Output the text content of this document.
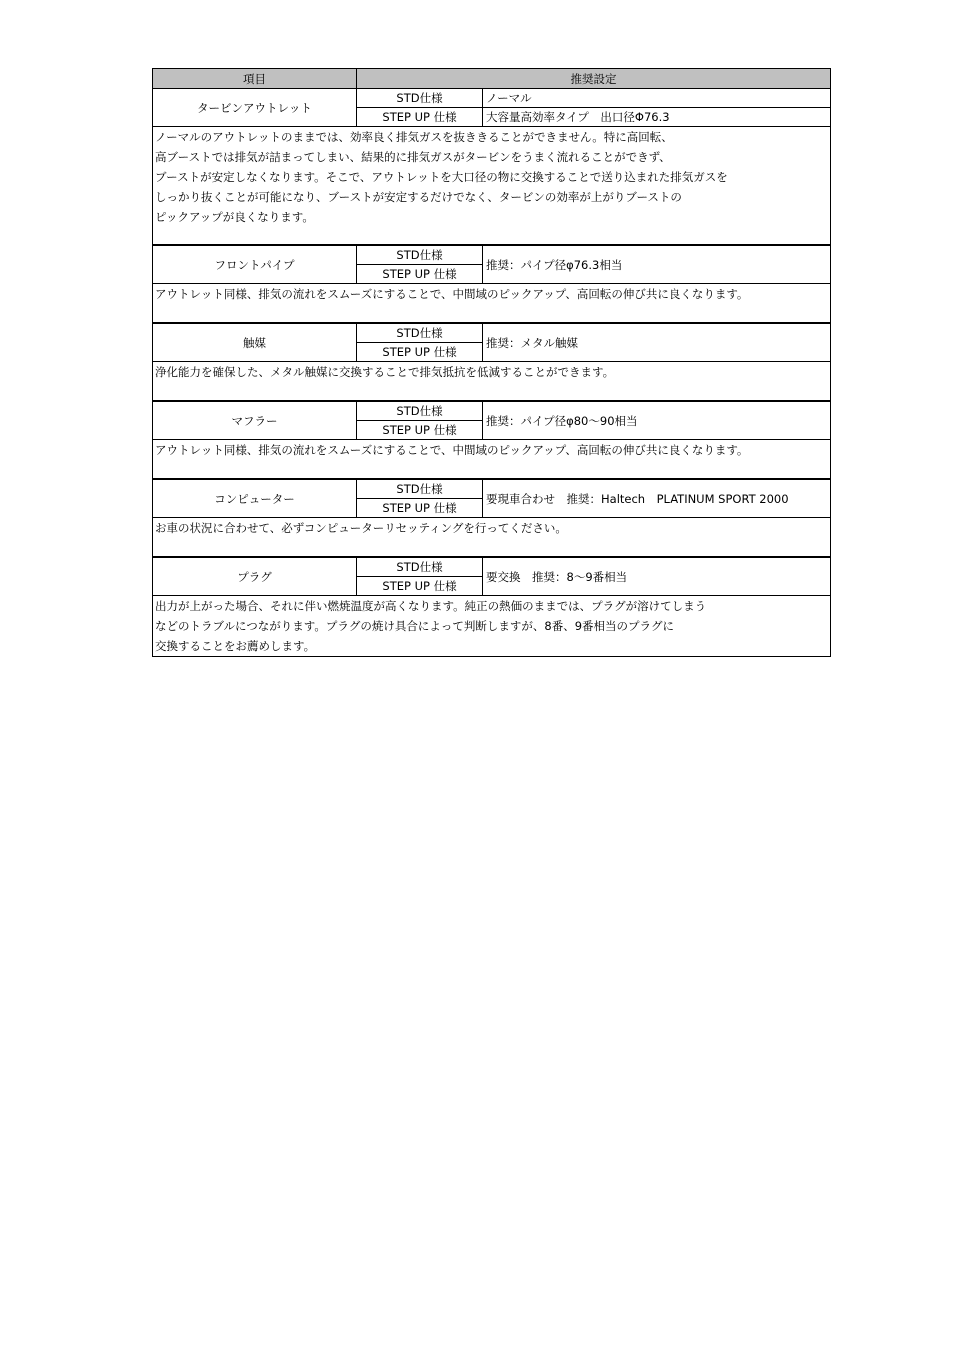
項目	推奨設定	
タービンアウトレット	STD仕様	ノーマル
	STEP UP 仕様	大容量高効率タイプ　出口径Φ76.3

ノーマルのアウトレットのままでは、効率良く排気ガスを抜ききることができません。特に高回転、
高ブーストでは排気が詰まってしまい、結果的に排気ガスがタービンをうまく流れることができず、
ブーストが安定しなくなります。そこで、アウトレットを大口径の物に交換することで送り込まれた排気ガスを
しっかり抜くことが可能になり、ブーストが安定するだけでなく、タービンの効率が上がりブーストの
ピックアップが良くなります。		

フロントパイプ	STD仕様	推奨：パイプ径φ76.3相当
	STEP UP 仕様	

アウトレット同様、排気の流れをスムーズにすることで、中間域のピックアップ、高回転の伸び共に良くなります。		

触媒	STD仕様	推奨：メタル触媒
	STEP UP 仕様	

浄化能力を確保した、メタル触媒に交換することで排気抵抗を低減することができます。		

マフラー	STD仕様	推奨：パイプ径φ80～90相当
	STEP UP 仕様	

アウトレット同様、排気の流れをスムーズにすることで、中間域のピックアップ、高回転の伸び共に良くなります。		

コンピューター	STD仕様	要現車合わせ　推奨：Haltech　PLATINUM SPORT 2000
	STEP UP 仕様	

お車の状況に合わせて、必ずコンピューターリセッティングを行ってください。		

プラグ	STD仕様	要交換　推奨：8～9番相当
	STEP UP 仕様	

出力が上がった場合、それに伴い燃焼温度が高くなります。純正の熱価のままでは、プラグが溶けてしまう
などのトラブルにつながります。プラグの焼け具合によって判断しますが、8番、9番相当のプラグに
交換することをお薦めします。		
